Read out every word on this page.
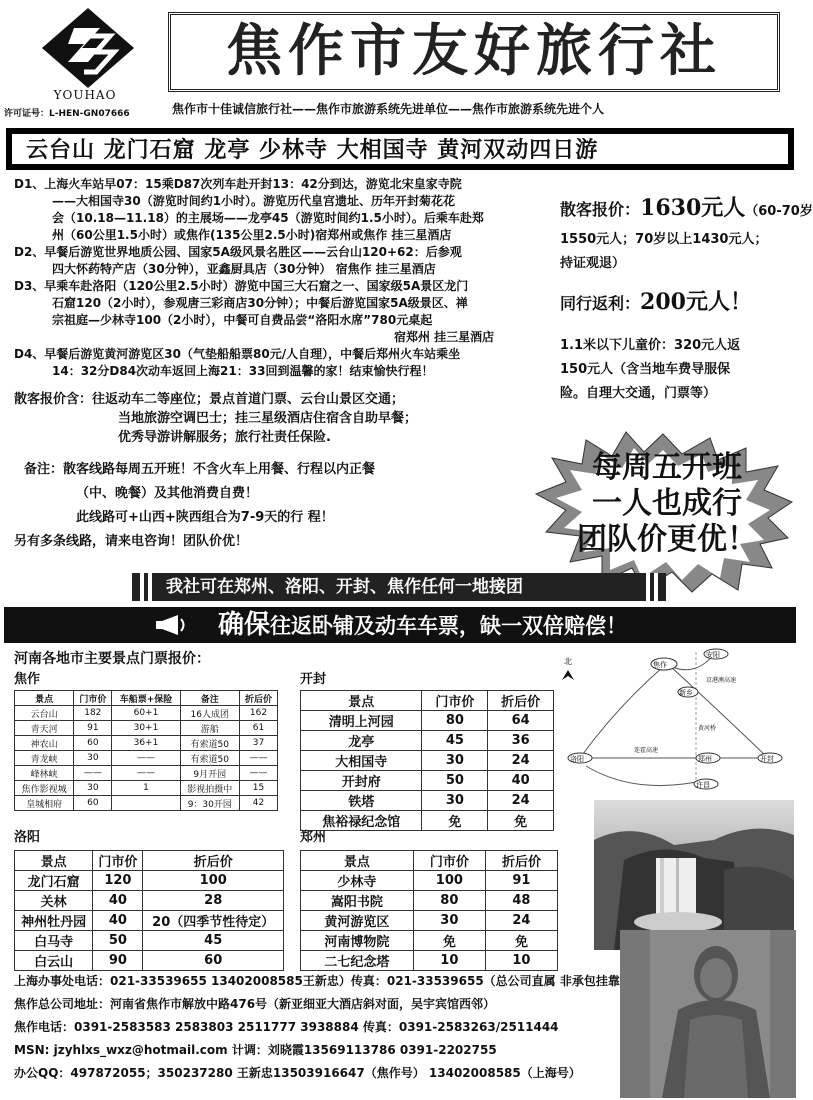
YOUHAO
许可证号：L-HEN-GN07666
焦作市友好旅行社
焦作市十佳诚信旅行社——焦作市旅游系统先进单位——焦作市旅游系统先进个人
云台山 龙门石窟 龙亭 少林寺 大相国寺 黄河双动四日游
D1、上海火车站早07：15乘D87次列车赴开封13：42分到达，游览北宋皇家寺院
——大相国寺30（游览时间约1小时）。游览历代皇宫遗址、历年开封菊花花
会（10.18—11.18）的主展场——龙亭45（游览时间约1.5小时）。后乘车赴郑
州（60公里1.5小时）或焦作(135公里2.5小时)宿郑州或焦作 挂三星酒店
D2、早餐后游览世界地质公园、国家5A级风景名胜区——云台山120+62：后参观
四大怀药特产店（30分钟），亚鑫厨具店（30分钟） 宿焦作 挂三星酒店
D3、早乘车赴洛阳（120公里2.5小时）游览中国三大石窟之一、国家级5A景区龙门
石窟120（2小时），参观唐三彩商店30分钟）；中餐后游览国家5A级景区、禅
宗祖庭—少林寺100（2小时），中餐可自费品尝“洛阳水席”780元桌起
宿郑州 挂三星酒店
D4、早餐后游览黄河游览区30（气垫船船票80元/人自理），中餐后郑州火车站乘坐
14：32分D84次动车返回上海21：33回到温馨的家！结束愉快行程！
散客报价：1630元人（60-70岁
1550元人；70岁以上1430元人；
持证观退）
同行返利：200元人！
1.1米以下儿童价：320元人返
150元人（含当地车费导服保
险。自理大交通，门票等）
散客报价含：往返动车二等座位；景点首道门票、云台山景区交通；
当地旅游空调巴士；挂三星级酒店住宿含自助早餐；
优秀导游讲解服务；旅行社责任保险.
备注：散客线路每周五开班！不含火车上用餐、行程以内正餐
（中、晚餐）及其他消费自费！
此线路可+山西+陕西组合为7-9天的行 程！
另有多条线路，请来电咨询！团队价优！
每周五开班
一人也成行
团队价更优！
我社可在郑州、洛阳、开封、焦作任何一地接团
确保往返卧铺及动车车票，缺一双倍赔偿！
河南各地市主要景点门票报价：
焦作
景点	门市价	车船票+保险	备注	折后价
云台山	182	60+1	16人成团	162
青天河	91	30+1	游船	61
神农山	60	36+1	有索道50	37
青龙峡	30	——	有索道50	——
峰林峡	——	——	9月开园	——
焦作影视城	30	1	影视拍摄中	15
皇城相府	60		9：30开园	42
开封
景点	门市价	折后价
清明上河园	80	64
龙亭	45	36
大相国寺	30	24
开封府	50	40
铁塔	30	24
焦裕禄纪念馆	免	免
洛阳
景点	门市价	折后价
龙门石窟	120	100
关林	40	28
神州牡丹园	40	20（四季节性待定）
白马寺	50	45
白云山	90	60
郑州
景点	门市价	折后价
少林寺	100	91
嵩阳书院	80	48
黄河游览区	30	24
河南博物院	免	免
二七纪念塔	10	10
北	焦作
安阳
新乡
洛阳	郑州	开封
许昌
京港澳高速
连霍高速
黄河桥
上海办事处电话：021-33539655 13402008585王新忠）传真：021-33539655（总公司直属 非承包挂靠
焦作总公司地址：河南省焦作市解放中路476号（新亚细亚大酒店斜对面，吴宇宾馆西邻）
焦作电话：0391-2583583 2583803 2511777 3938884 传真：0391-2583263/2511444
MSN: jzyhlxs_wxz@hotmail.com 计调：刘晓霞13569113786 0391-2202755
办公QQ：497872055；350237280 王新忠13503916647（焦作号） 13402008585（上海号）
